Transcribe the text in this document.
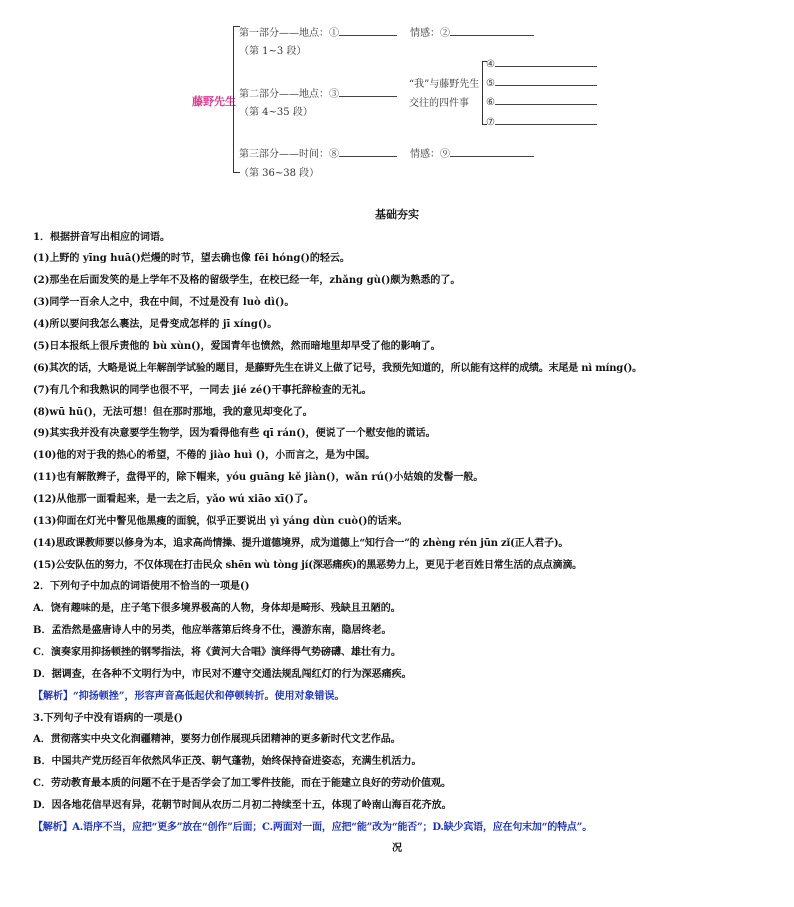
藤野先生
第一部分——地点：①	情感：②
（第 1~3 段）
第二部分——地点：③
（第 4~35 段）
“我”与藤野先生
交往的四件事
④
⑤
⑥
⑦
第三部分——时间：⑧	情感：⑨
（第 36~38 段）
基础夯实
1．根据拼音写出相应的词语。
(1)上野的 yīng huā()烂熳的时节，望去确也像 fēi hóng()的轻云。
(2)那坐在后面发笑的是上学年不及格的留级学生，在校已经一年，zhǎng gù()颇为熟悉的了。
(3)同学一百余人之中，我在中间，不过是没有 luò dì()。
(4)所以要问我怎么裹法，足骨变成怎样的 jī xíng()。
(5)日本报纸上很斥责他的 bù xùn()，爱国青年也愤然，然而暗地里却早受了他的影响了。
(6)其次的话，大略是说上年解剖学试验的题目，是藤野先生在讲义上做了记号，我预先知道的，所以能有这样的成绩。末尾是 nì míng()。
(7)有几个和我熟识的同学也很不平，一同去 jié zé()干事托辞检查的无礼。
(8)wū hū()，无法可想！但在那时那地，我的意见却变化了。
(9)其实我并没有决意要学生物学，因为看得他有些 qī rán()，便说了一个慰安他的谎话。
(10)他的对于我的热心的希望，不倦的 jiào huì ()，小而言之，是为中国。
(11)也有解散辫子，盘得平的，除下帽来，yóu guāng kě jiàn()，wǎn rú()小姑娘的发髻一般。
(12)从他那一面看起来，是一去之后，yǎo wú xiāo xī()了。
(13)仰面在灯光中瞥见他黑瘦的面貌，似乎正要说出 yì yáng dùn cuò()的话来。
(14)思政课教师要以修身为本，追求高尚情操、提升道德境界，成为道德上“知行合一”的 zhèng rén jūn zǐ(正人君子)。
(15)公安队伍的努力，不仅体现在打击民众 shēn wù tòng jí(深恶痛疾)的黑恶势力上，更见于老百姓日常生活的点点滴滴。
2．下列句子中加点的词语使用不恰当的一项是()
A．饶有趣味的是，庄子笔下很多境界极高的人物，身体却是畸形、残缺且丑陋的。
B．孟浩然是盛唐诗人中的另类，他应举落第后终身不仕，漫游东南，隐居终老。
C．演奏家用抑扬顿挫的钢琴指法，将《黄河大合唱》演绎得气势磅礴、雄壮有力。
D．据调查，在各种不文明行为中，市民对不遵守交通法规乱闯红灯的行为深恶痛疾。
【解析】“抑扬顿挫”，形容声音高低起伏和停顿转折。使用对象错误。
3.下列句子中没有语病的一项是()
A．贯彻落实中央文化润疆精神，要努力创作展现兵团精神的更多新时代文艺作品。
B．中国共产党历经百年依然风华正茂、朝气蓬勃，始终保持奋进姿态，充满生机活力。
C．劳动教育最本质的问题不在于是否学会了加工零件技能，而在于能建立良好的劳动价值观。
D．因各地花信早迟有异，花朝节时间从农历二月初二持续至十五，体现了岭南山海百花齐放。
【解析】A.语序不当，应把“更多”放在“创作”后面；C.两面对一面，应把“能”改为“能否”；D.缺少宾语，应在句末加“的特点”。
况
